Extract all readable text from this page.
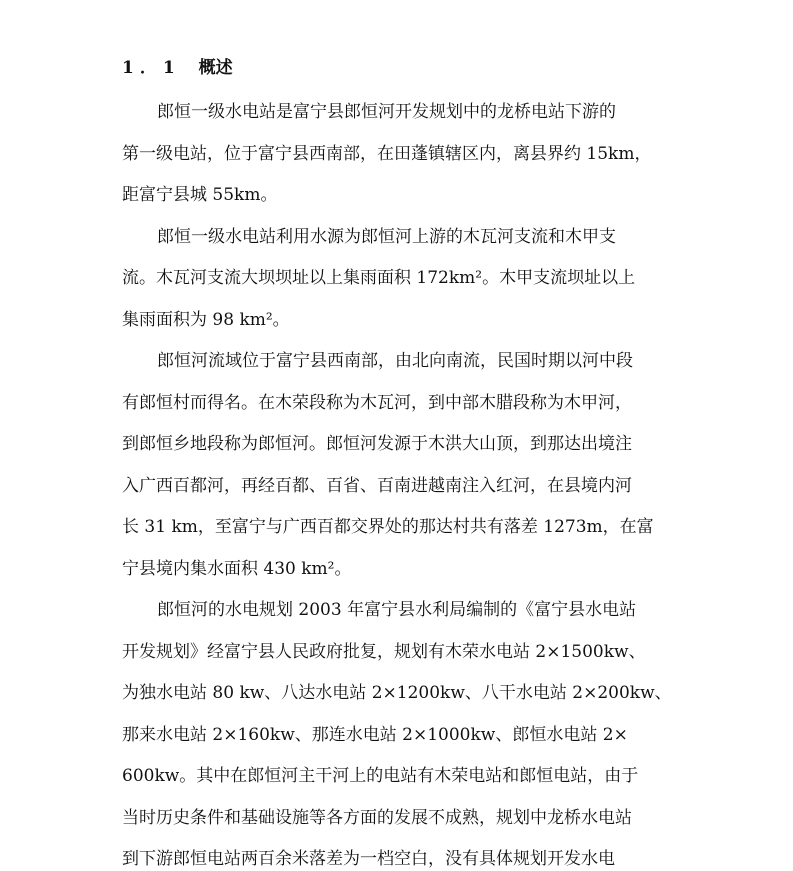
1．1 概述

郎恒一级水电站是富宁县郎恒河开发规划中的龙桥电站下游的
第一级电站，位于富宁县西南部，在田蓬镇辖区内，离县界约 15km，
距富宁县城 55km。

郎恒一级水电站利用水源为郎恒河上游的木瓦河支流和木甲支
流。木瓦河支流大坝坝址以上集雨面积 172km²。木甲支流坝址以上
集雨面积为 98 km²。

郎恒河流域位于富宁县西南部，由北向南流，民国时期以河中段
有郎恒村而得名。在木荣段称为木瓦河，到中部木腊段称为木甲河，
到郎恒乡地段称为郎恒河。郎恒河发源于木洪大山顶，到那达出境注
入广西百都河，再经百都、百省、百南进越南注入红河，在县境内河
长 31 km，至富宁与广西百都交界处的那达村共有落差 1273m，在富
宁县境内集水面积 430 km²。

郎恒河的水电规划 2003 年富宁县水利局编制的《富宁县水电站
开发规划》经富宁县人民政府批复，规划有木荣水电站 2×1500kw、
为独水电站 80 kw、八达水电站 2×1200kw、八干水电站 2×200kw、
那来水电站 2×160kw、那连水电站 2×1000kw、郎恒水电站 2×
600kw。其中在郎恒河主干河上的电站有木荣电站和郎恒电站，由于
当时历史条件和基础设施等各方面的发展不成熟，规划中龙桥水电站
到下游郎恒电站两百余米落差为一档空白，没有具体规划开发水电
